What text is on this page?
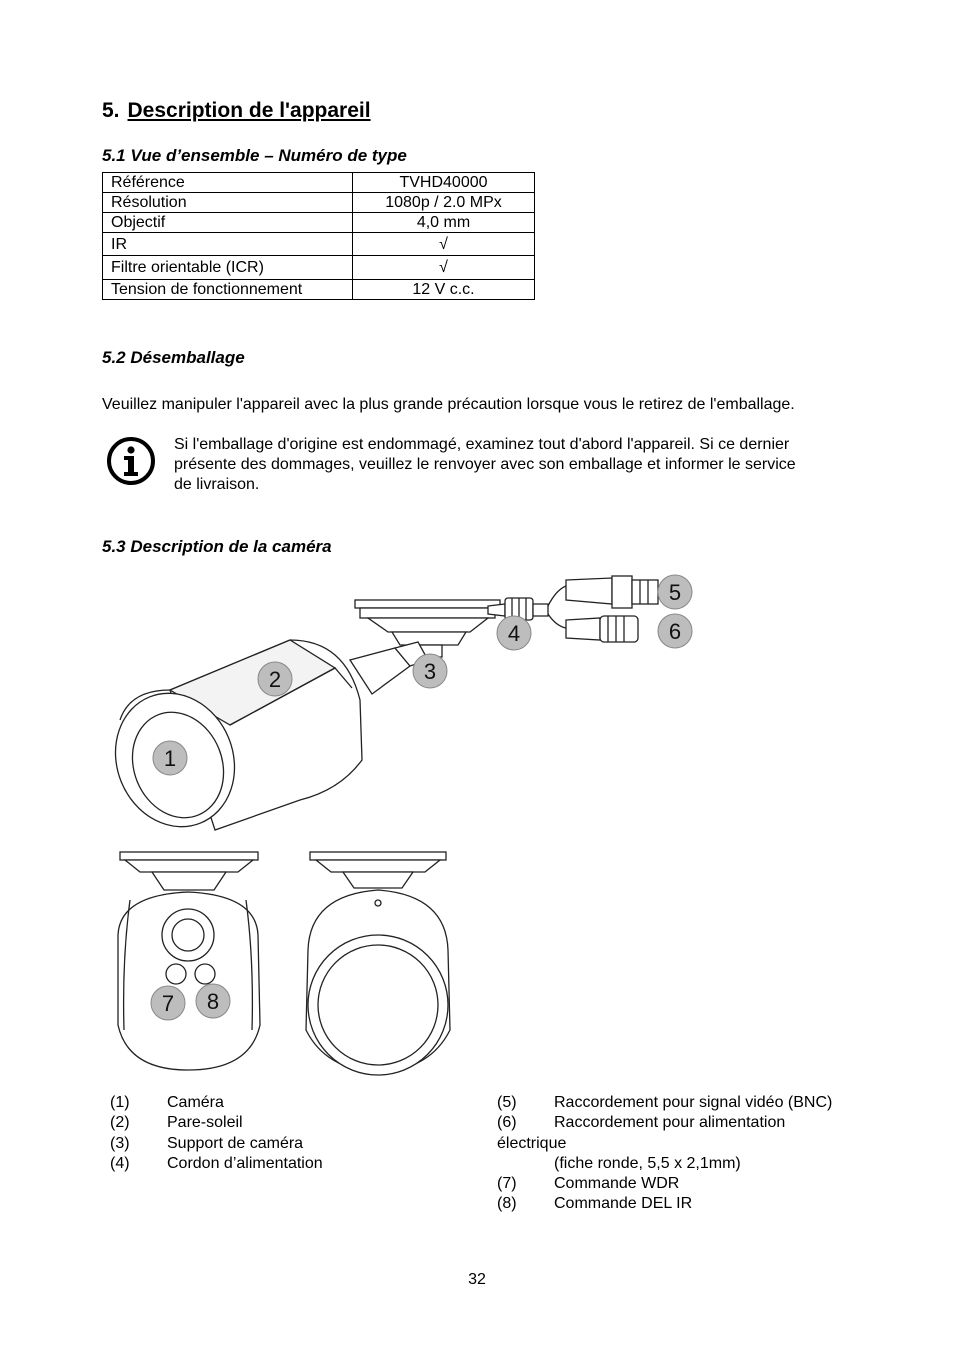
5. Description de l'appareil
5.1 Vue d’ensemble – Numéro de type
Référence	TVHD40000
Résolution	1080p / 2.0 MPx
Objectif	4,0 mm
IR	√
Filtre orientable (ICR)	√
Tension de fonctionnement	12 V c.c.
5.2 Désemballage
Veuillez manipuler l'appareil avec la plus grande précaution lorsque vous le retirez de l'emballage.
Si l'emballage d'origine est endommagé, examinez tout d'abord l'appareil. Si ce dernier
présente des dommages, veuillez le renvoyer avec son emballage et informer le service
de livraison.
5.3 Description de la caméra
1
2	3
4
5
6
7 8
(1) Caméra
(2) Pare-soleil
(3) Support de caméra
(4) Cordon d’alimentation
(5) Raccordement pour signal vidéo (BNC)
(6) Raccordement pour alimentation
électrique
(fiche ronde, 5,5 x 2,1mm)
(7) Commande WDR
(8) Commande DEL IR
32
